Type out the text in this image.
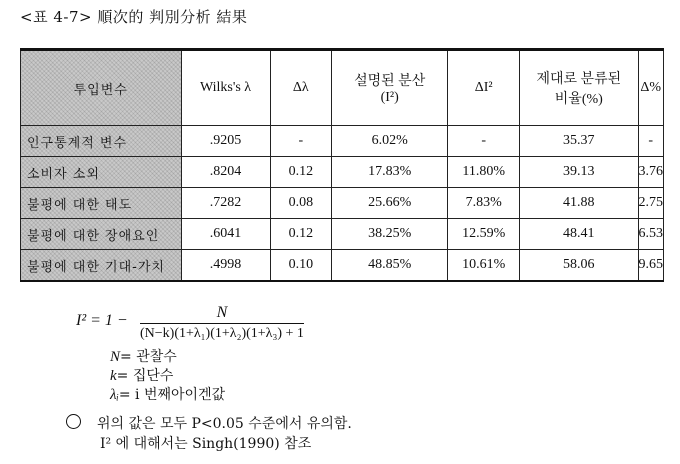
<표 4-7> 順次的 判別分析 結果
투입변수	Wilks's λ	Δλ	설명된 분산 (I²)	ΔI²	제대로 분류된 비율(%)	Δ%
인구통계적 변수	.9205	-	6.02%	-	35.37	-
소비자 소외	.8204	0.12	17.83%	11.80%	39.13	3.76
불평에 대한 태도	.7282	0.08	25.66%	7.83%	41.88	2.75
불평에 대한 장애요인	.6041	0.12	38.25%	12.59%	48.41	6.53
불평에 대한 기대-가치	.4998	0.10	48.85%	10.61%	58.06	9.65
$I^2 = 1 - \frac{N}{\text{(N−k)(1+λ₁)(1+λ₂)(1+λ₃) + 1}}$
N= 관찰수
k= 집단수
λᵢ= i 번째아이겐값
위의 값은 모두 P<0.05 수준에서 유의함.
I² 에 대해서는 Singh(1990) 참조
